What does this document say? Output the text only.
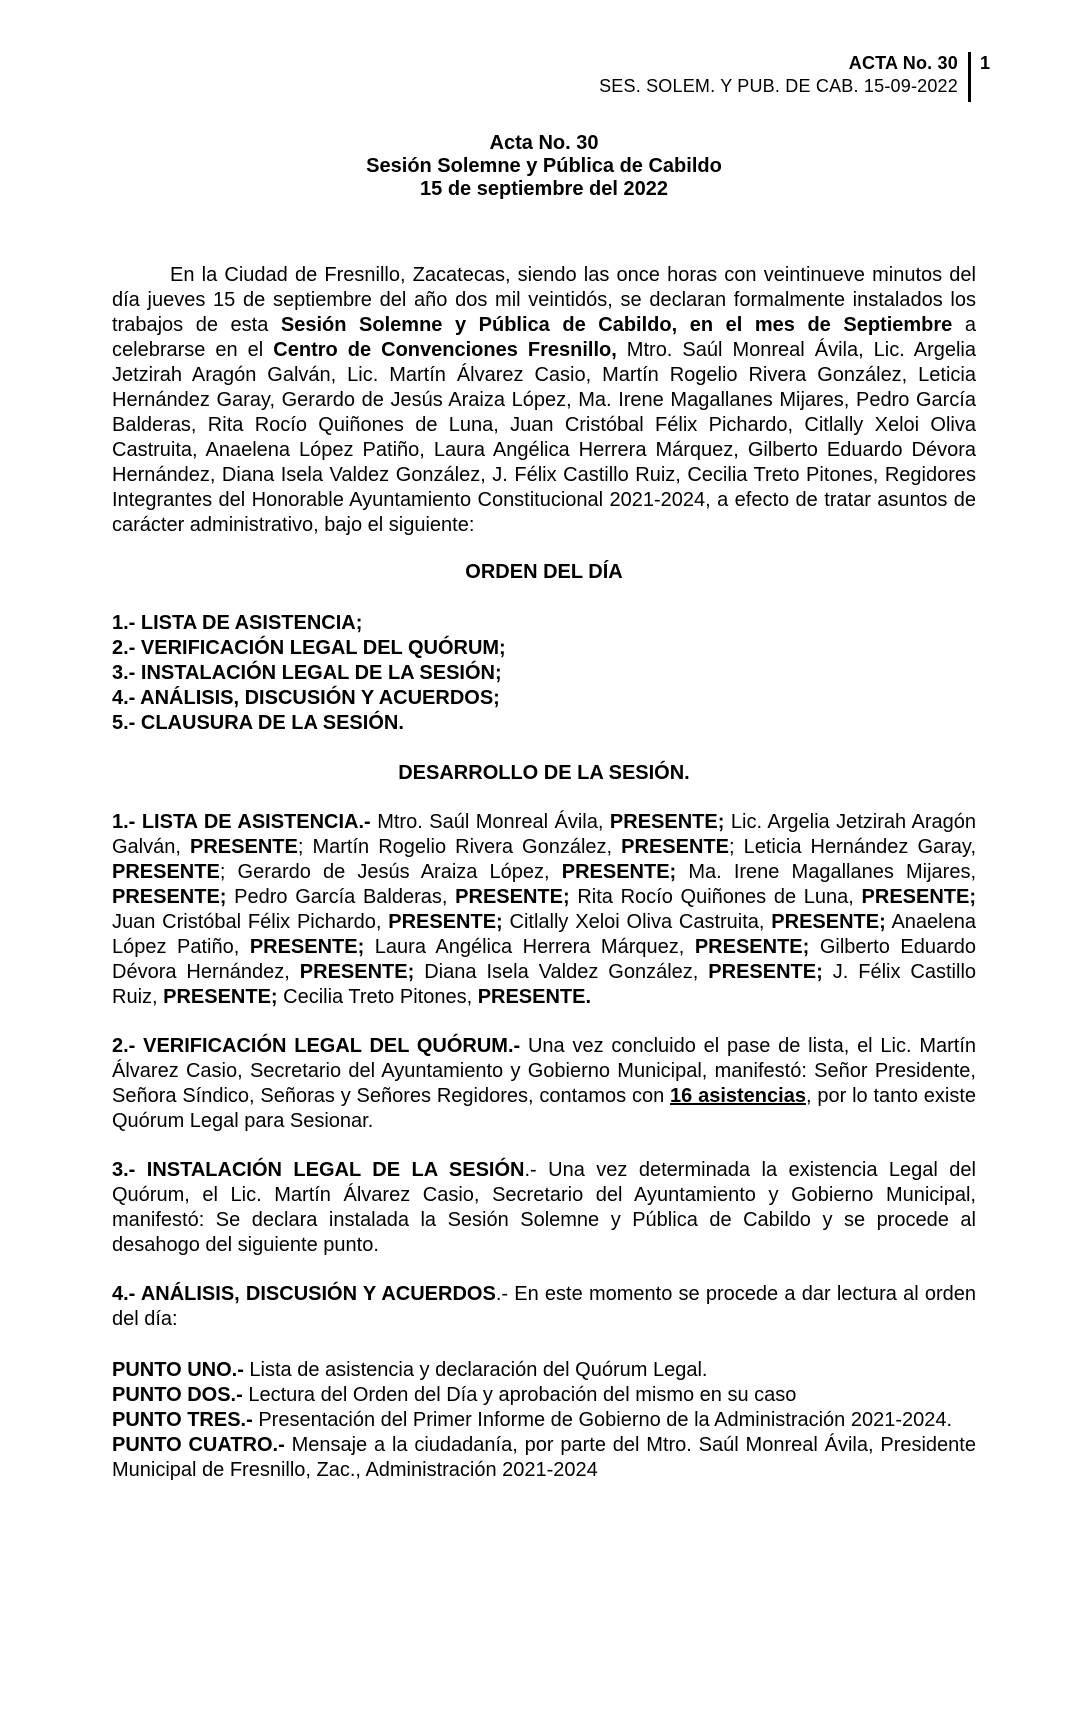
ACTA No. 30
SES. SOLEM. Y PUB. DE CAB. 15-09-2022
1
Acta No. 30
Sesión Solemne y Pública de Cabildo
15 de septiembre del 2022

En la Ciudad de Fresnillo, Zacatecas, siendo las once horas con veintinueve minutos del día jueves 15 de septiembre del año dos mil veintidós, se declaran formalmente instalados los trabajos de esta Sesión Solemne y Pública de Cabildo, en el mes de Septiembre a celebrarse en el Centro de Convenciones Fresnillo, Mtro. Saúl Monreal Ávila, Lic. Argelia Jetzirah Aragón Galván, Lic. Martín Álvarez Casio, Martín Rogelio Rivera González, Leticia Hernández Garay, Gerardo de Jesús Araiza López, Ma. Irene Magallanes Mijares, Pedro García Balderas, Rita Rocío Quiñones de Luna, Juan Cristóbal Félix Pichardo, Citlally Xeloi Oliva Castruita, Anaelena López Patiño, Laura Angélica Herrera Márquez, Gilberto Eduardo Dévora Hernández, Diana Isela Valdez González, J. Félix Castillo Ruiz, Cecilia Treto Pitones, Regidores Integrantes del Honorable Ayuntamiento Constitucional 2021-2024, a efecto de tratar asuntos de carácter administrativo, bajo el siguiente:

ORDEN DEL DÍA
1.- LISTA DE ASISTENCIA;
2.- VERIFICACIÓN LEGAL DEL QUÓRUM;
3.- INSTALACIÓN LEGAL DE LA SESIÓN;
4.- ANÁLISIS, DISCUSIÓN Y ACUERDOS;
5.- CLAUSURA DE LA SESIÓN.
DESARROLLO DE LA SESIÓN.

1.- LISTA DE ASISTENCIA.- Mtro. Saúl Monreal Ávila, PRESENTE; Lic. Argelia Jetzirah Aragón Galván, PRESENTE; Martín Rogelio Rivera González, PRESENTE; Leticia Hernández Garay, PRESENTE; Gerardo de Jesús Araiza López, PRESENTE; Ma. Irene Magallanes Mijares, PRESENTE; Pedro García Balderas, PRESENTE; Rita Rocío Quiñones de Luna, PRESENTE; Juan Cristóbal Félix Pichardo, PRESENTE; Citlally Xeloi Oliva Castruita, PRESENTE; Anaelena López Patiño, PRESENTE; Laura Angélica Herrera Márquez, PRESENTE; Gilberto Eduardo Dévora Hernández, PRESENTE; Diana Isela Valdez González, PRESENTE; J. Félix Castillo Ruiz, PRESENTE; Cecilia Treto Pitones, PRESENTE.

2.- VERIFICACIÓN LEGAL DEL QUÓRUM.- Una vez concluido el pase de lista, el Lic. Martín Álvarez Casio, Secretario del Ayuntamiento y Gobierno Municipal, manifestó: Señor Presidente, Señora Síndico, Señoras y Señores Regidores, contamos con 16 asistencias, por lo tanto existe Quórum Legal para Sesionar.

3.- INSTALACIÓN LEGAL DE LA SESIÓN.- Una vez determinada la existencia Legal del Quórum, el Lic. Martín Álvarez Casio, Secretario del Ayuntamiento y Gobierno Municipal, manifestó: Se declara instalada la Sesión Solemne y Pública de Cabildo y se procede al desahogo del siguiente punto.

4.- ANÁLISIS, DISCUSIÓN Y ACUERDOS.- En este momento se procede a dar lectura al orden del día:

PUNTO UNO.- Lista de asistencia y declaración del Quórum Legal.

PUNTO DOS.- Lectura del Orden del Día y aprobación del mismo en su caso

PUNTO TRES.- Presentación del Primer Informe de Gobierno de la Administración 2021-2024.

PUNTO CUATRO.- Mensaje a la ciudadanía, por parte del Mtro. Saúl Monreal Ávila, Presidente Municipal de Fresnillo, Zac., Administración 2021-2024
